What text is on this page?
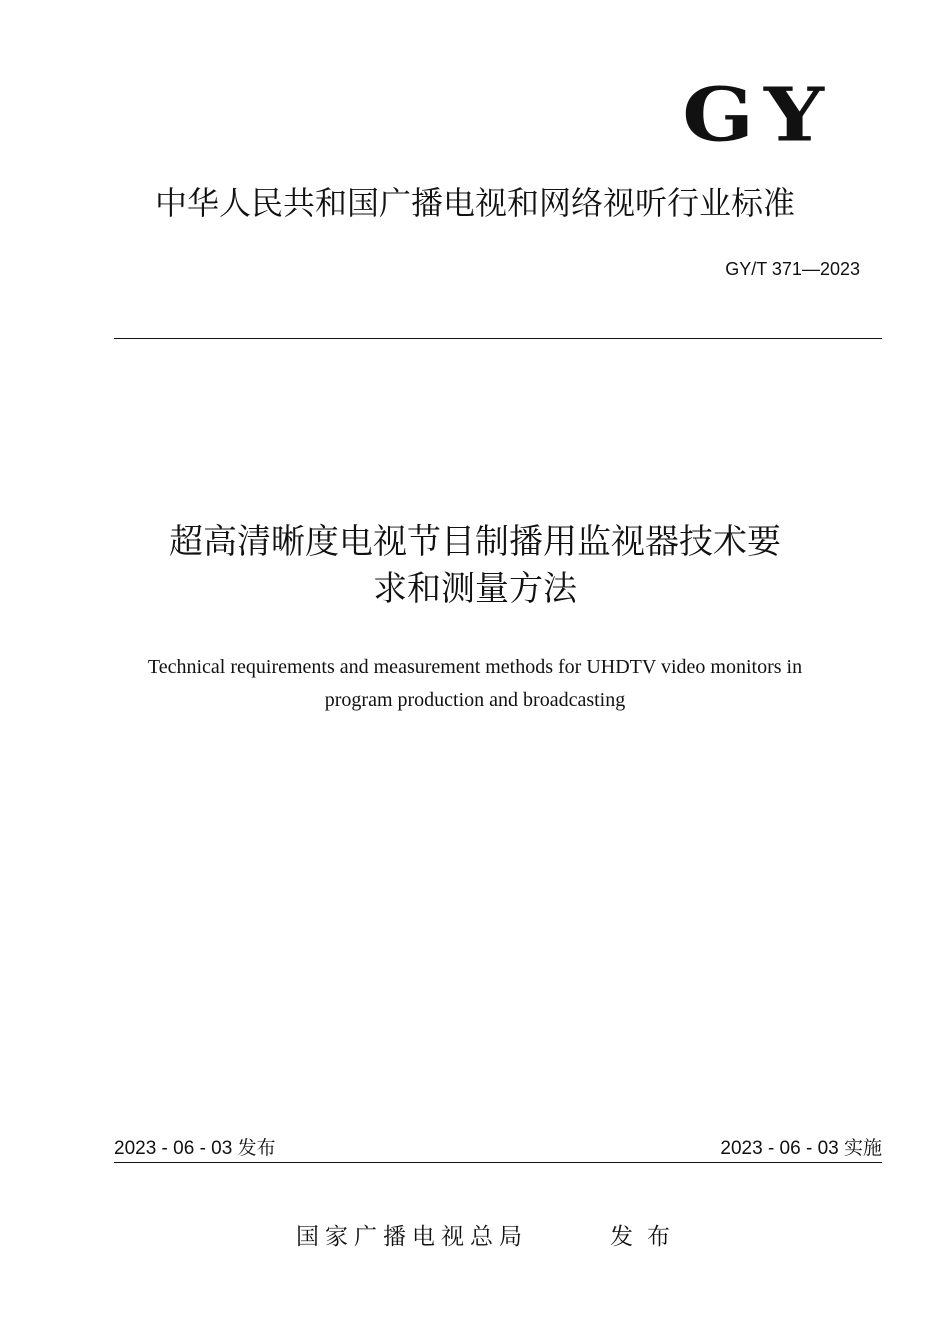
GY
中华人民共和国广播电视和网络视听行业标准
GY/T 371—2023
超高清晰度电视节目制播用监视器技术要
求和测量方法
Technical requirements and measurement methods for UHDTV video monitors in
program production and broadcasting
2023 - 06 - 03 发布	2023 - 06 - 03 实施
国家广播电视总局	发布
